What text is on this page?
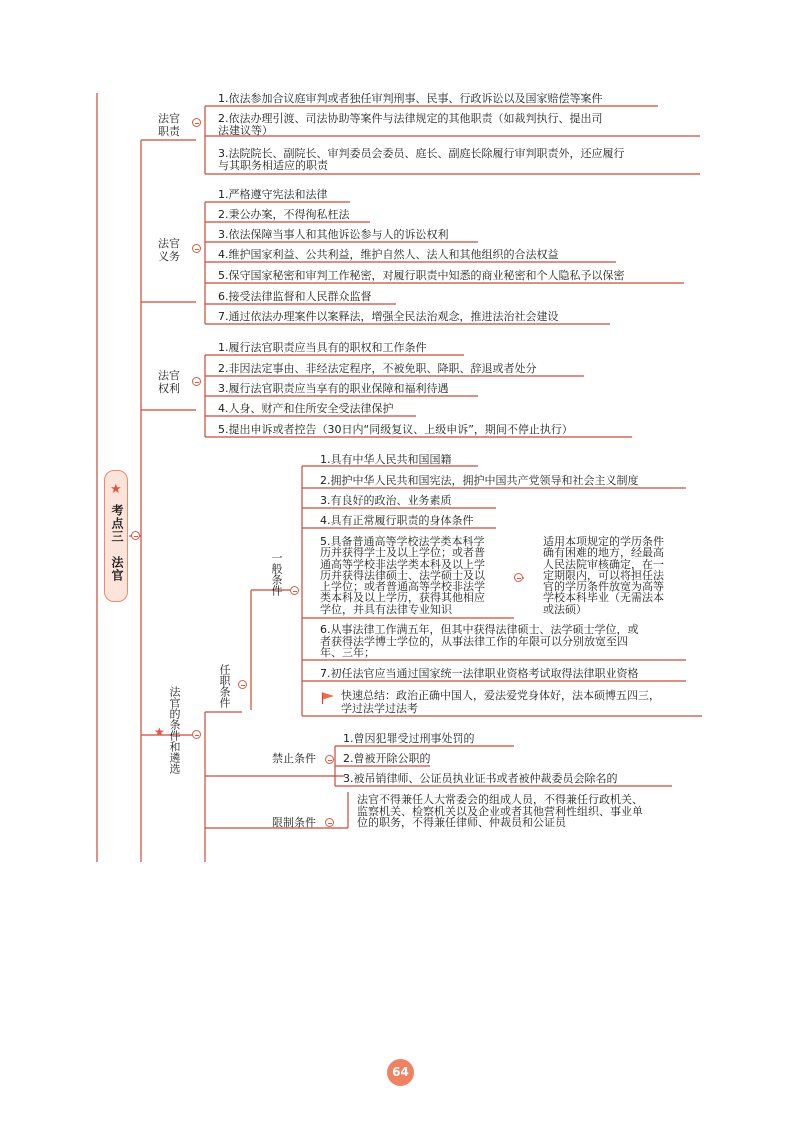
★
考点三　法官
法官
职责
1.依法参加合议庭审判或者独任审判刑事、民事、行政诉讼以及国家赔偿等案件
2.依法办理引渡、司法协助等案件与法律规定的其他职责（如裁判执行、提出司
法建议等）
3.法院院长、副院长、审判委员会委员、庭长、副庭长除履行审判职责外，还应履行
与其职务相适应的职责
法官
义务
1.严格遵守宪法和法律
2.秉公办案，不得徇私枉法
3.依法保障当事人和其他诉讼参与人的诉讼权利
4.维护国家利益、公共利益，维护自然人、法人和其他组织的合法权益
5.保守国家秘密和审判工作秘密，对履行职责中知悉的商业秘密和个人隐私予以保密
6.接受法律监督和人民群众监督
7.通过依法办理案件以案释法，增强全民法治观念，推进法治社会建设
法官
权利
1.履行法官职责应当具有的职权和工作条件
2.非因法定事由、非经法定程序，不被免职、降职、辞退或者处分
3.履行法官职责应当享有的职业保障和福利待遇
4.人身、财产和住所安全受法律保护
5.提出申诉或者控告（30日内“同级复议、上级申诉”，期间不停止执行）
★ 法官的条件和遴选	任职条件
一般条件
1.具有中华人民共和国国籍
2.拥护中华人民共和国宪法，拥护中国共产党领导和社会主义制度
3.有良好的政治、业务素质
4.具有正常履行职责的身体条件
5.具备普通高等学校法学类本科学
历并获得学士及以上学位；或者普
通高等学校非法学类本科及以上学
历并获得法律硕士、法学硕士及以
上学位；或者普通高等学校非法学
类本科及以上学历，获得其他相应
学位，并具有法律专业知识
适用本项规定的学历条件
确有困难的地方，经最高
人民法院审核确定，在一
定期限内，可以将担任法
官的学历条件放宽为高等
学校本科毕业（无需法本
或法硕）
6.从事法律工作满五年，但其中获得法律硕士、法学硕士学位，或
者获得法学博士学位的，从事法律工作的年限可以分别放宽至四
年、三年；
7.初任法官应当通过国家统一法律职业资格考试取得法律职业资格
快速总结：政治正确中国人，爱法爱党身体好，法本硕博五四三，
学过法学过法考
禁止条件
1.曾因犯罪受过刑事处罚的
2.曾被开除公职的
3.被吊销律师、公证员执业证书或者被仲裁委员会除名的
限制条件
法官不得兼任人大常委会的组成人员，不得兼任行政机关、
监察机关、检察机关以及企业或者其他营利性组织、事业单
位的职务，不得兼任律师、仲裁员和公证员
64
